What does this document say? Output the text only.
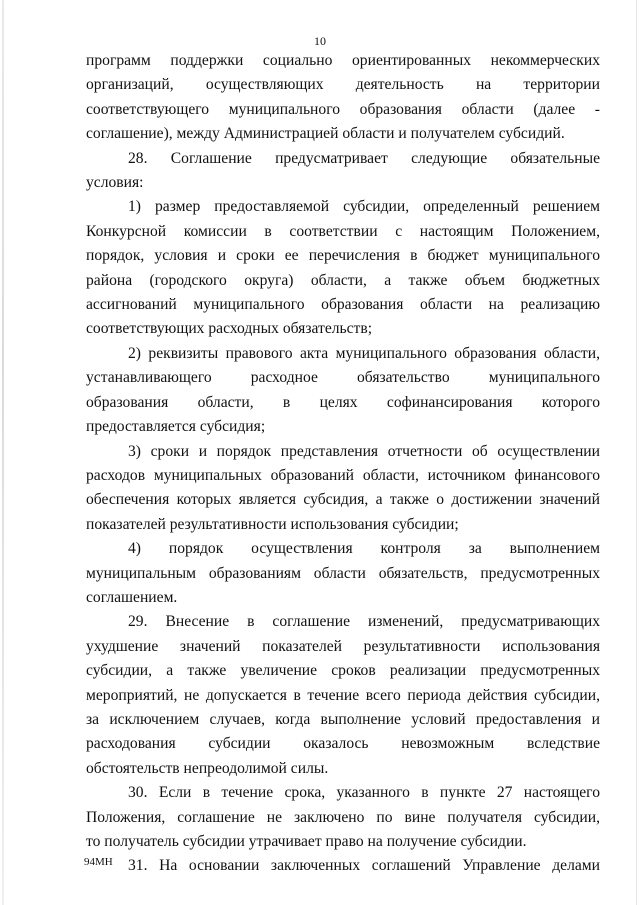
10
программ поддержки социально ориентированных некоммерческих
организаций, осуществляющих деятельность на территории
соответствующего муниципального образования области (далее -
соглашение), между Администрацией области и получателем субсидий.
28. Соглашение предусматривает следующие обязательные
условия:
1) размер предоставляемой субсидии, определенный решением
Конкурсной комиссии в соответствии с настоящим Положением,
порядок, условия и сроки ее перечисления в бюджет муниципального
района (городского округа) области, а также объем бюджетных
ассигнований муниципального образования области на реализацию
соответствующих расходных обязательств;
2) реквизиты правового акта муниципального образования области,
устанавливающего расходное обязательство муниципального
образования области, в целях софинансирования которого
предоставляется субсидия;
3) сроки и порядок представления отчетности об осуществлении
расходов муниципальных образований области, источником финансового
обеспечения которых является субсидия, а также о достижении значений
показателей результативности использования субсидии;
4) порядок осуществления контроля за выполнением
муниципальным образованиям области обязательств, предусмотренных
соглашением.
29. Внесение в соглашение изменений, предусматривающих
ухудшение значений показателей результативности использования
субсидии, а также увеличение сроков реализации предусмотренных
мероприятий, не допускается в течение всего периода действия субсидии,
за исключением случаев, когда выполнение условий предоставления и
расходования субсидии оказалось невозможным вследствие
обстоятельств непреодолимой силы.
30. Если в течение срока, указанного в пункте 27 настоящего
Положения, соглашение не заключено по вине получателя субсидии,
то получатель субсидии утрачивает право на получение субсидии.
31. На основании заключенных соглашений Управление делами
94МН
